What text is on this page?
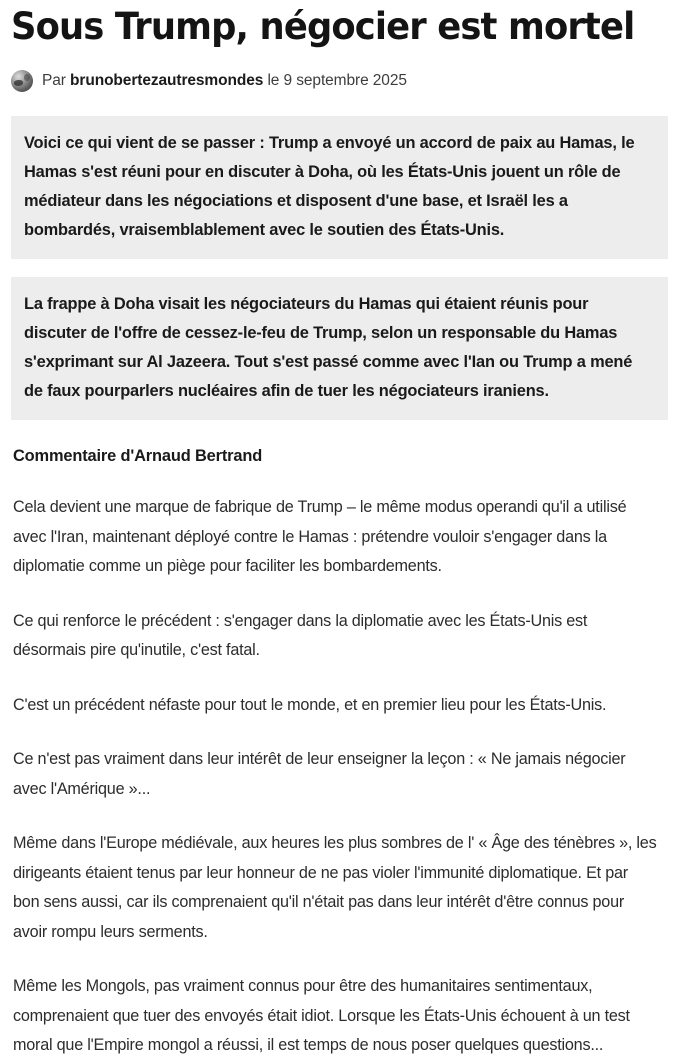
Sous Trump, négocier est mortel
Par brunobertezautresmondes le 9 septembre 2025
Voici ce qui vient de se passer : Trump a envoyé un accord de paix au Hamas, le Hamas s'est réuni pour en discuter à Doha, où les États-Unis jouent un rôle de médiateur dans les négociations et disposent d'une base, et Israël les a bombardés, vraisemblablement avec le soutien des États-Unis.
La frappe à Doha visait les négociateurs du Hamas qui étaient réunis pour discuter de l'offre de cessez-le-feu de Trump, selon un responsable du Hamas s'exprimant sur Al Jazeera. Tout s'est passé comme avec l'Ian ou Trump a mené de faux pourparlers nucléaires afin de tuer les négociateurs iraniens.
Commentaire d'Arnaud Bertrand

Cela devient une marque de fabrique de Trump – le même modus operandi qu'il a utilisé avec l'Iran, maintenant déployé contre le Hamas : prétendre vouloir s'engager dans la diplomatie comme un piège pour faciliter les bombardements.

Ce qui renforce le précédent : s'engager dans la diplomatie avec les États-Unis est désormais pire qu'inutile, c'est fatal.

C'est un précédent néfaste pour tout le monde, et en premier lieu pour les États-Unis.

Ce n'est pas vraiment dans leur intérêt de leur enseigner la leçon : « Ne jamais négocier avec l'Amérique »...

Même dans l'Europe médiévale, aux heures les plus sombres de l' « Âge des ténèbres », les dirigeants étaient tenus par leur honneur de ne pas violer l'immunité diplomatique. Et par bon sens aussi, car ils comprenaient qu'il n'était pas dans leur intérêt d'être connus pour avoir rompu leurs serments.

Même les Mongols, pas vraiment connus pour être des humanitaires sentimentaux, comprenaient que tuer des envoyés était idiot. Lorsque les États-Unis échouent à un test moral que l'Empire mongol a réussi, il est temps de nous poser quelques questions...
